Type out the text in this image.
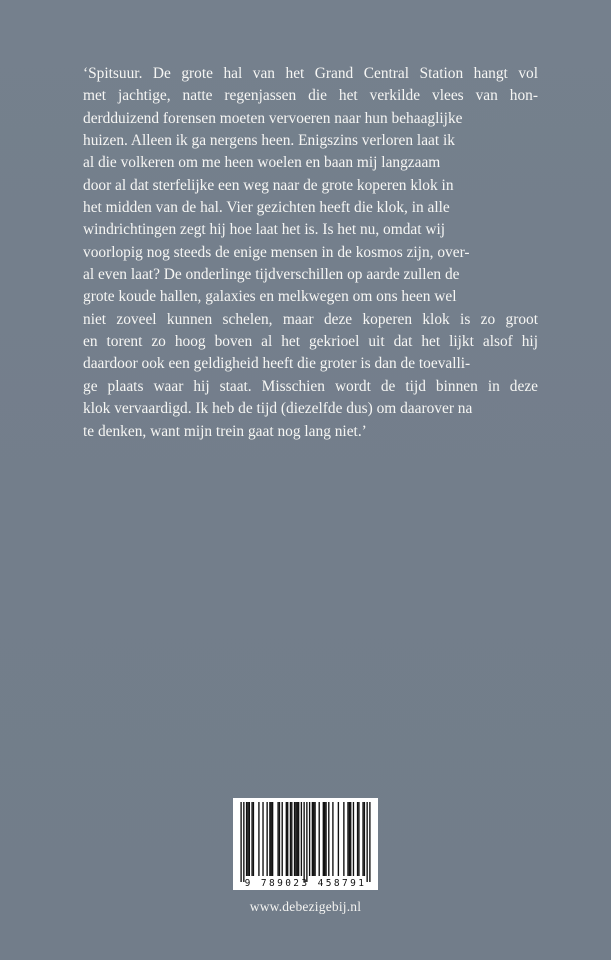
‘Spitsuur. De grote hal van het Grand Central Station hangt vol
met jachtige, natte regenjassen die het verkilde vlees van hon-
derdduizend forensen moeten vervoeren naar hun behaaglijke
huizen. Alleen ik ga nergens heen. Enigszins verloren laat ik
al die volkeren om me heen woelen en baan mij langzaam
door al dat sterfelijke een weg naar de grote koperen klok in
het midden van de hal. Vier gezichten heeft die klok, in alle
windrichtingen zegt hij hoe laat het is. Is het nu, omdat wij
voorlopig nog steeds de enige mensen in de kosmos zijn, over-
al even laat? De onderlinge tijdverschillen op aarde zullen de
grote koude hallen, galaxies en melkwegen om ons heen wel
niet zoveel kunnen schelen, maar deze koperen klok is zo groot
en torent zo hoog boven al het gekrioel uit dat het lijkt alsof hij
daardoor ook een geldigheid heeft die groter is dan de toevalli-
ge plaats waar hij staat. Misschien wordt de tijd binnen in deze
klok vervaardigd. Ik heb de tijd (diezelfde dus) om daarover na
te denken, want mijn trein gaat nog lang niet.’

9 789023 458791
www.debezigebij.nl
